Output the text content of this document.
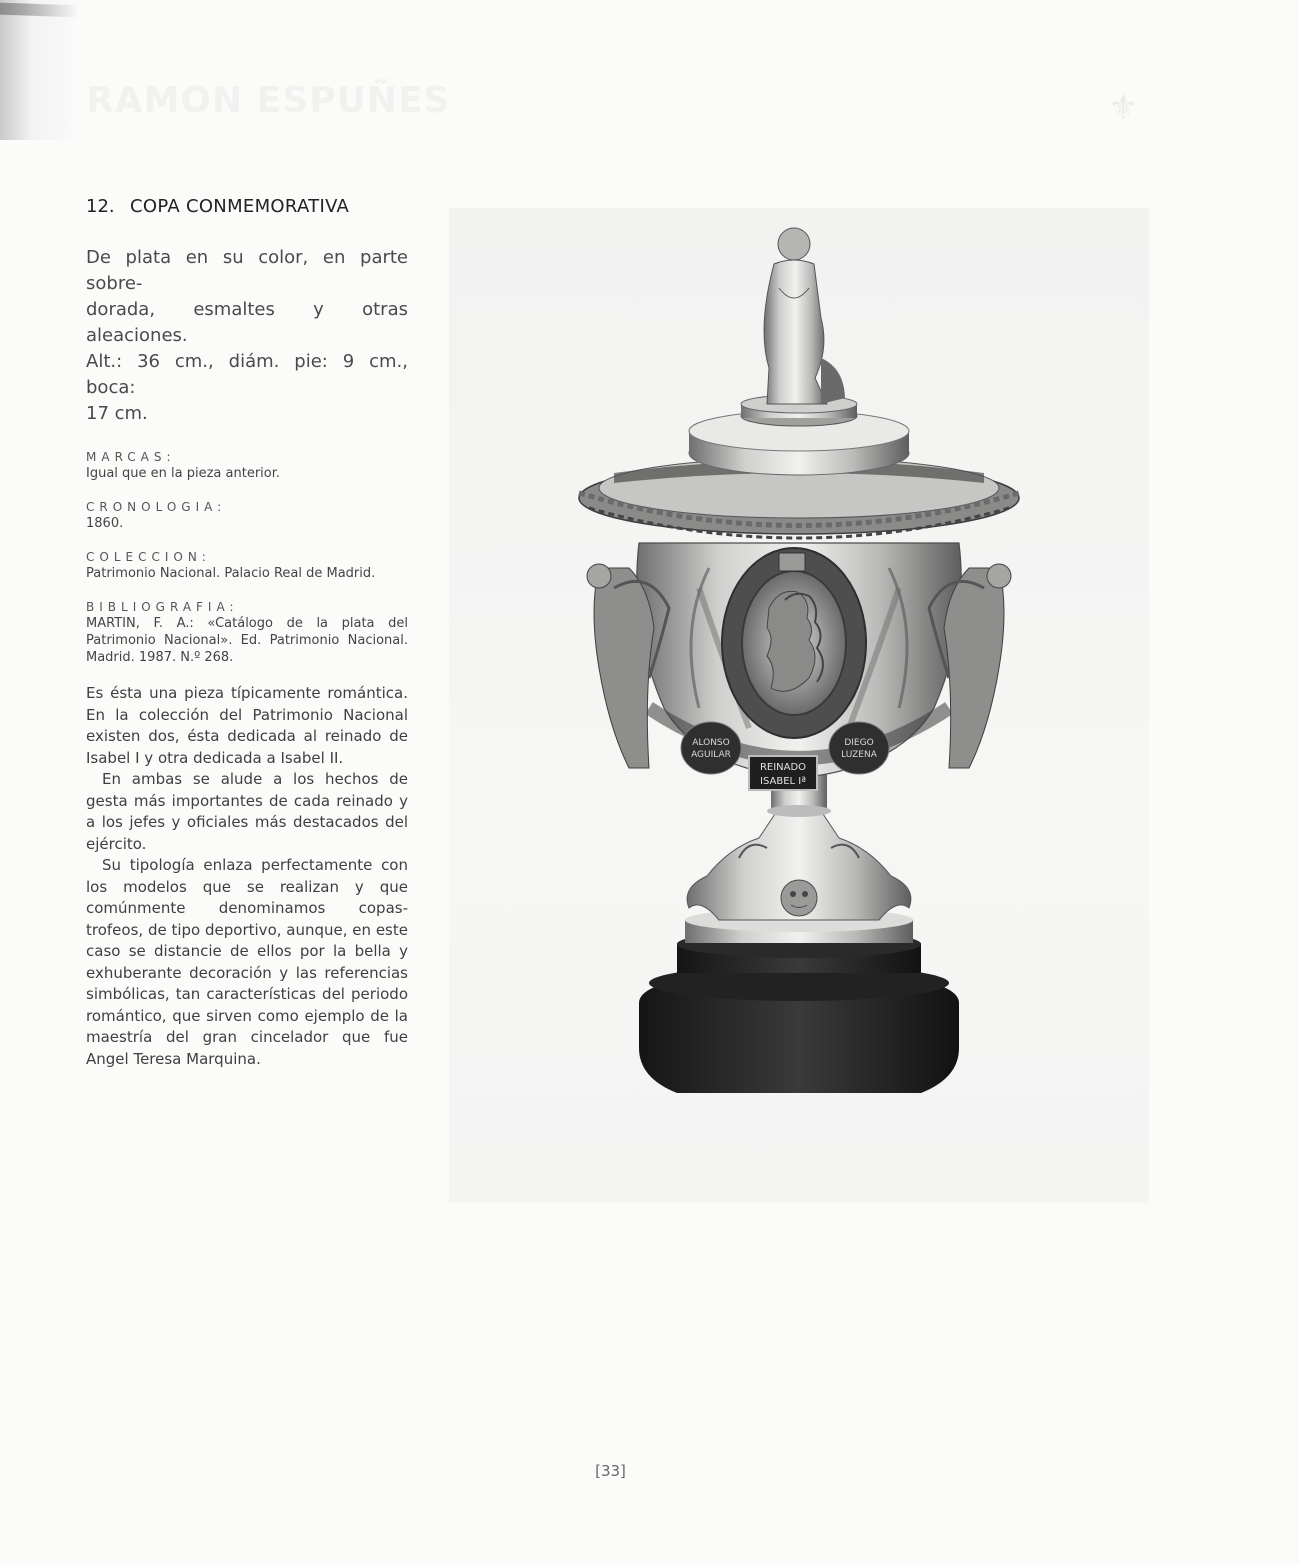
RAMON ESPUÑES	⚜
12. COPA CONMEMORATIVA
De plata en su color, en parte sobre-
dorada, esmaltes y otras aleaciones.
Alt.: 36 cm., diám. pie: 9 cm., boca:
17 cm.
MARCAS:
Igual que en la pieza anterior.
CRONOLOGIA:
1860.
COLECCION:
Patrimonio Nacional. Palacio Real de Madrid.
BIBLIOGRAFIA:
MARTIN, F. A.: «Catálogo de la plata del Patrimonio Nacional». Ed. Patrimonio Nacional. Madrid. 1987. N.º 268.

Es ésta una pieza típicamente romántica. En la colección del Patrimonio Nacional existen dos, ésta dedicada al reinado de Isabel I y otra dedicada a Isabel II.

En ambas se alude a los hechos de gesta más importantes de cada reinado y a los jefes y oficiales más destacados del ejército.

Su tipología enlaza perfectamente con los modelos que se realizan y que comúnmente denominamos copas-trofeos, de tipo deportivo, aunque, en este caso se distancie de ellos por la bella y exhuberante decoración y las referencias simbólicas, tan características del periodo romántico, que sirven como ejemplo de la maestría del gran cincelador que fue Angel Teresa Marquina.

ALONSO
AGUILAR
DIEGO
LUZENA
REINADO
ISABEL Iª
[33]
